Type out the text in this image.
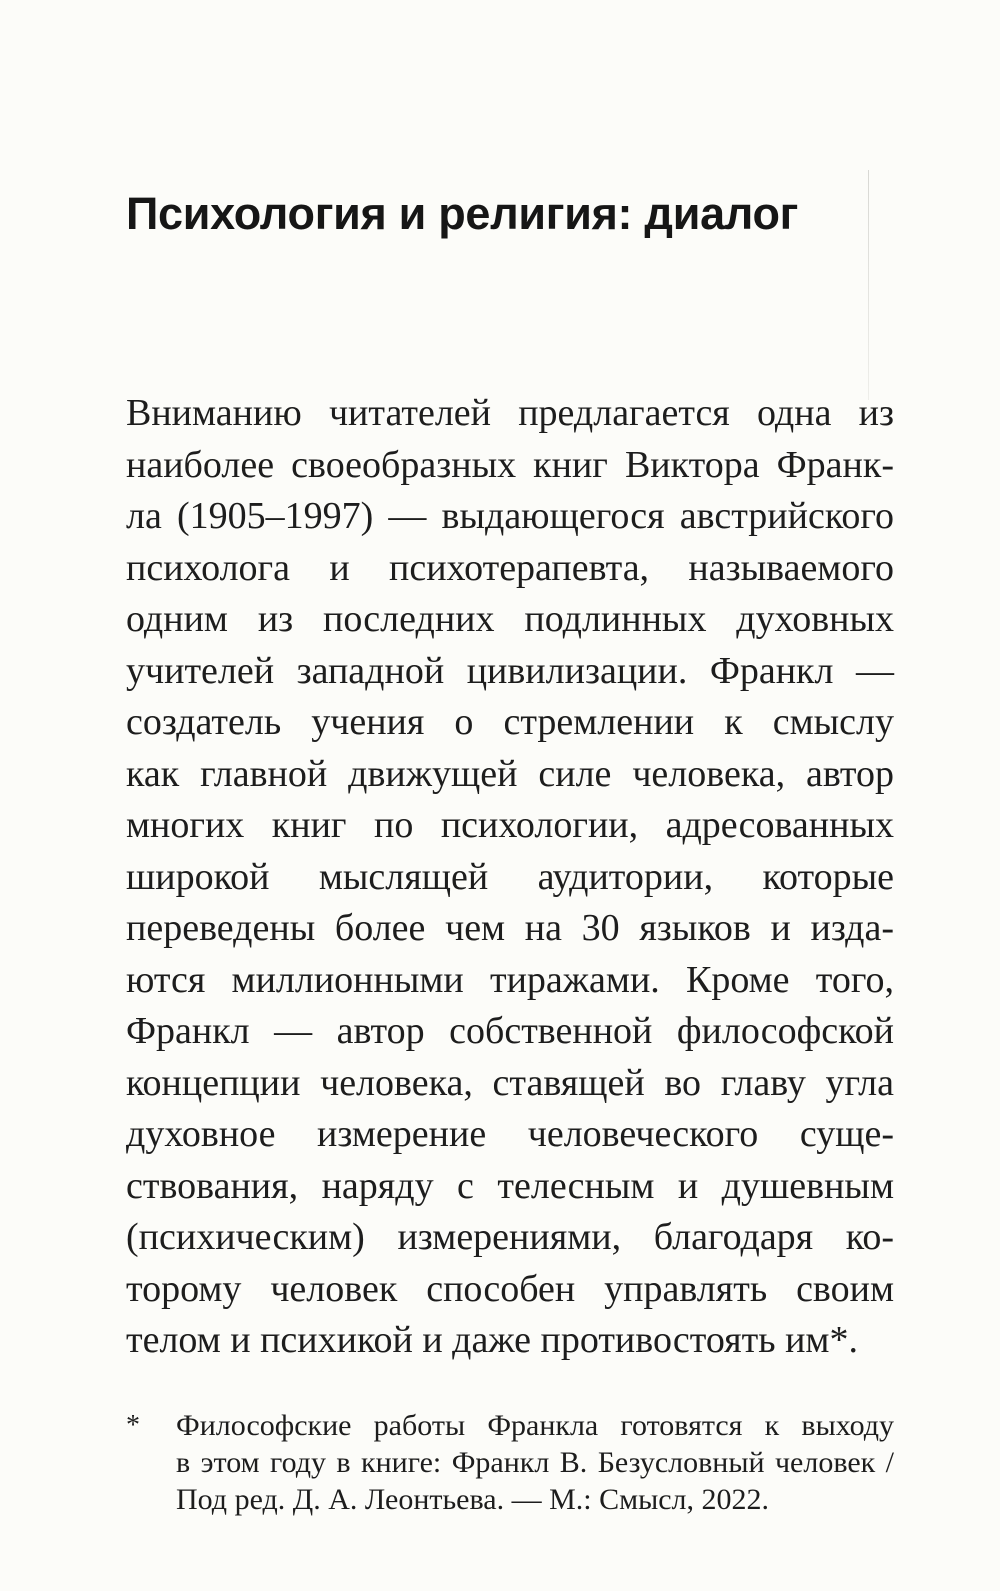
Психология и религия: диалог
Вниманию читателей предлагается одна из
наиболее своеобразных книг Виктора Франк-
ла (1905–1997) — выдающегося австрийского
психолога и психотерапевта, называемого
одним из последних подлинных духовных
учителей западной цивилизации. Франкл —
создатель учения о стремлении к смыслу
как главной движущей силе человека, автор
многих книг по психологии, адресованных
широкой мыслящей аудитории, которые
переведены более чем на 30 языков и изда-
ются миллионными тиражами. Кроме того,
Франкл — автор собственной философской
концепции человека, ставящей во главу угла
духовное измерение человеческого суще-
ствования, наряду с телесным и душевным
(психическим) измерениями, благодаря ко-
торому человек способен управлять своим
телом и психикой и даже противостоять им*.
* Философские работы Франкла готовятся к выходу
в этом году в книге: Франкл В. Безусловный человек /
Под ред. Д. А. Леонтьева. — М.: Смысл, 2022.
